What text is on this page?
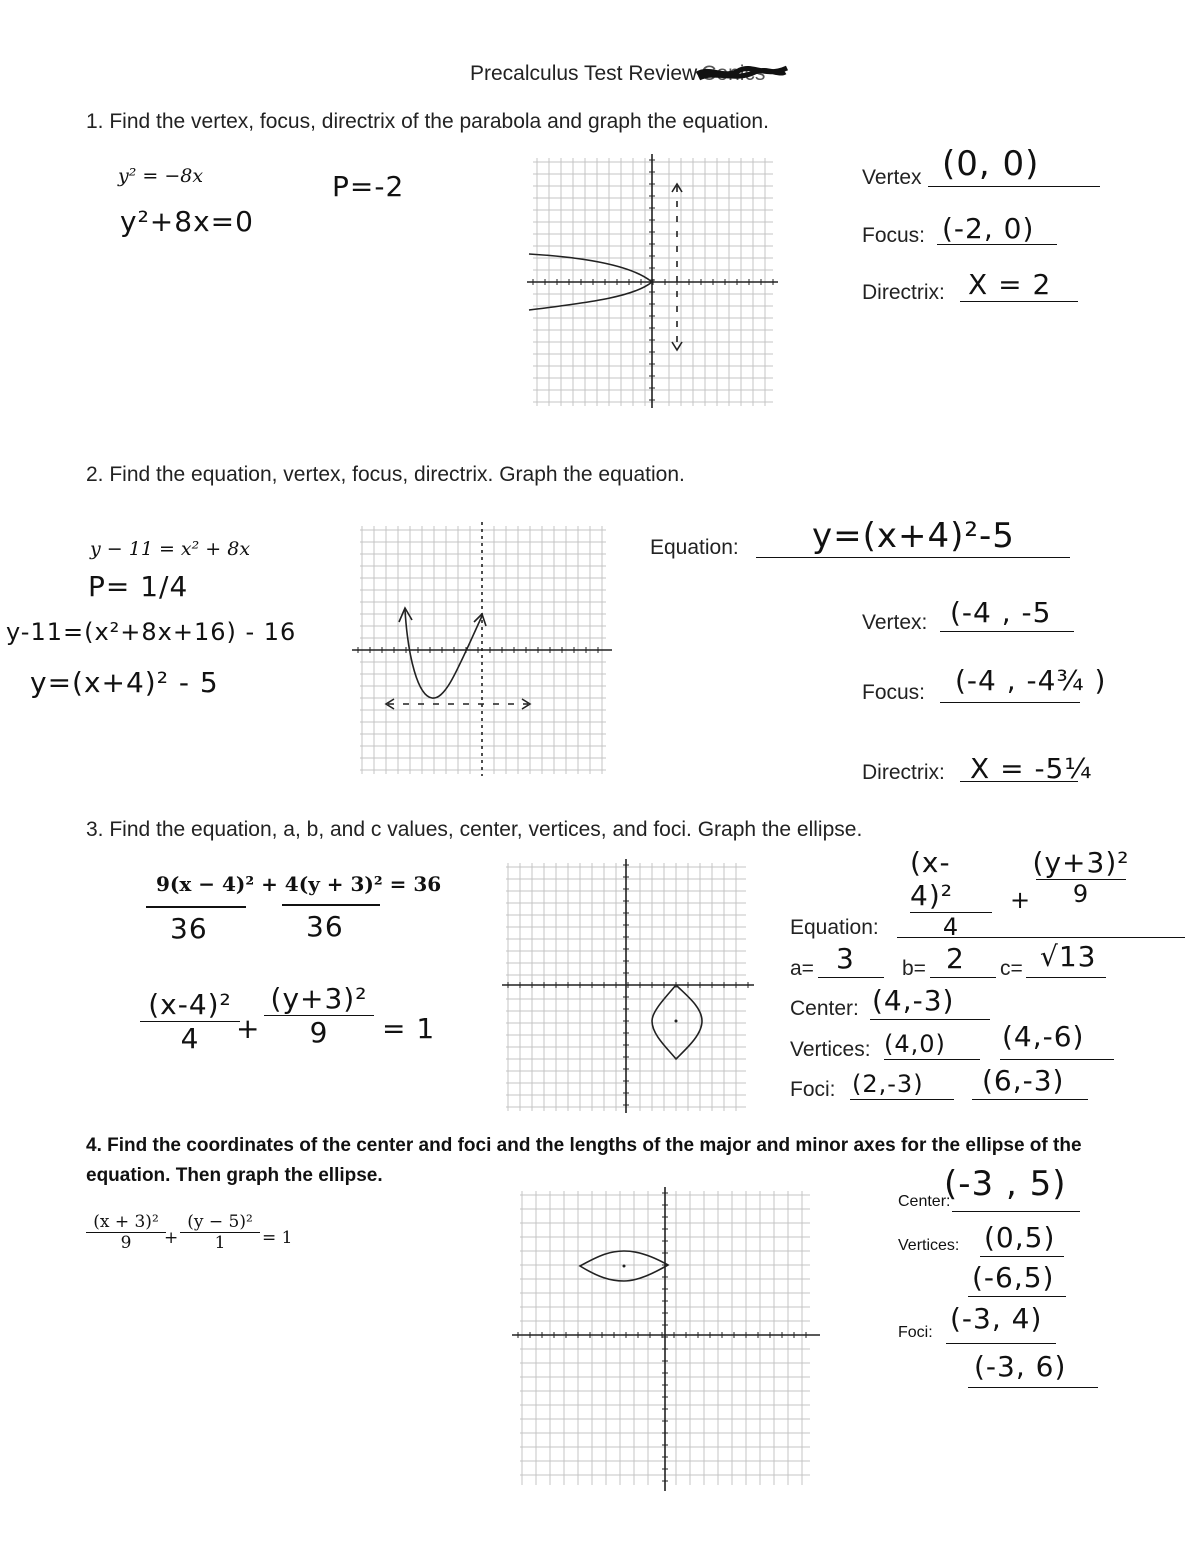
Precalculus Test Review Conics
1. Find the vertex, focus, directrix of the parabola and graph the equation.
y² = −8x
y²+8x=0
P=-2	Vertex (0, 0)
Focus: (-2, 0)
Directrix: X = 2
2. Find the equation, vertex, focus, directrix. Graph the equation.
y − 11 = x² + 8x
P= 1/4
y-11=(x²+8x+16) - 16
y=(x+4)² - 5
Equation: y=(x+4)²-5
Vertex: (-4 , -5
Focus: (-4 , -4¾ )
Directrix: X = -5¼
3. Find the equation, a, b, and c values, center, vertices, and foci. Graph the ellipse.
9(x − 4)² + 4(y + 3)² = 36
36	36
(x-4)²
4 +
(y+3)²
9 = 1
(x-4)²
4
+
(y+3)²
9
Equation:
a= 3 b= 2 c= √13
Center: (4,-3)
Vertices: (4,0) (4,-6)
Foci: (2,-3) (6,-3)
4. Find the coordinates of the center and foci and the lengths of the major and minor axes for the ellipse of the
equation. Then graph the ellipse.
(x + 3)²
9 +
(y − 5)²
1 = 1
Center:
(-3 , 5)
Vertices: (0,5)
(-6,5)
Foci: (-3, 4)
(-3, 6)
